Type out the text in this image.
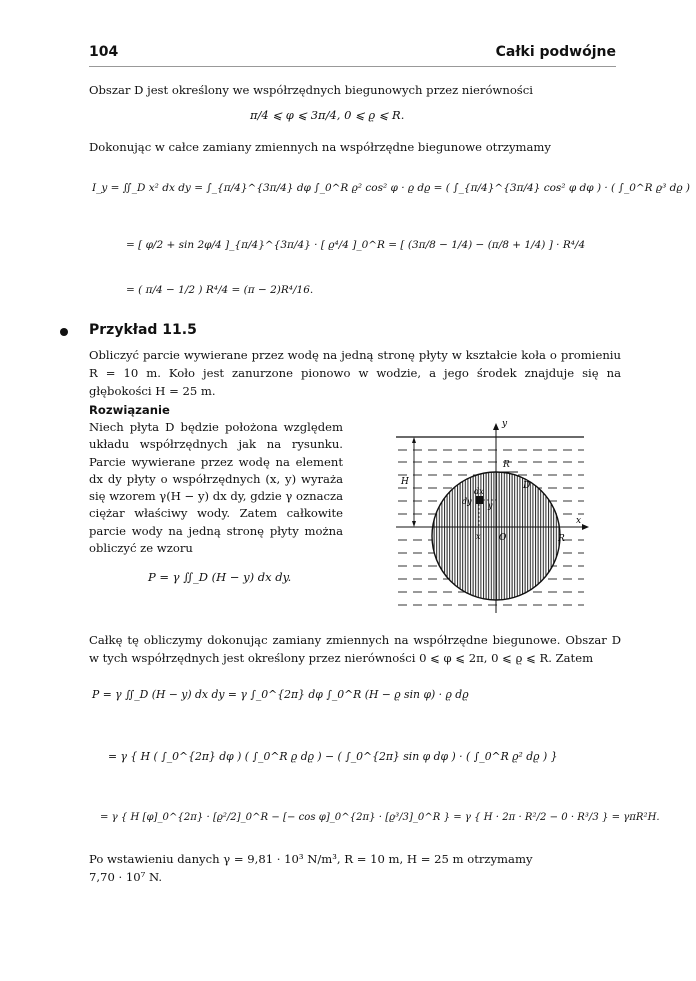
104	Całki podwójne
Obszar D jest określony we współrzędnych biegunowych przez nierówności
π/4 ⩽ φ ⩽ 3π/4, 0 ⩽ ϱ ⩽ R.
Dokonując w całce zamiany zmiennych na współrzędne biegunowe otrzymamy
I_y = ∬_D x² dx dy = ∫_{π/4}^{3π/4} dφ ∫_0^R ϱ² cos² φ · ϱ dϱ = ( ∫_{π/4}^{3π/4} cos² φ dφ ) · ( ∫_0^R ϱ³ dϱ )
= [ φ/2 + sin 2φ/4 ]_{π/4}^{3π/4} · [ ϱ⁴/4 ]_0^R = [ (3π/8 − 1/4) − (π/8 + 1/4) ] · R⁴/4
= ( π/4 − 1/2 ) R⁴/4 = (π − 2)R⁴/16.
Przykład 11.5
Obliczyć parcie wywierane przez wodę na jedną stronę płyty w kształcie koła o promieniu R = 10 m. Koło jest zanurzone pionowo w wodzie, a jego środek znajduje się na głębokości H = 25 m.
Rozwiązanie
Niech płyta D będzie położona względem układu współrzędnych jak na rysunku. Parcie wywierane przez wodę na element dx dy płyty o współrzędnych (x, y) wyraża się wzorem γ(H − y) dx dy, gdzie γ oznacza ciężar właściwy wody. Zatem całkowite parcie wody na jedną stronę płyty można obliczyć ze wzoru
P = γ ∬_D (H − y) dx dy.
y
x
R
D
H
dx
dy
x
y
O	R
Całkę tę obliczymy dokonując zamiany zmiennych na współrzędne biegunowe. Obszar D w tych współrzędnych jest określony przez nierówności 0 ⩽ φ ⩽ 2π, 0 ⩽ ϱ ⩽ R. Zatem
P = γ ∬_D (H − y) dx dy = γ ∫_0^{2π} dφ ∫_0^R (H − ϱ sin φ) · ϱ dϱ
= γ { H ( ∫_0^{2π} dφ ) ( ∫_0^R ϱ dϱ ) − ( ∫_0^{2π} sin φ dφ ) · ( ∫_0^R ϱ² dϱ ) }
= γ { H [φ]_0^{2π} · [ϱ²/2]_0^R − [− cos φ]_0^{2π} · [ϱ³/3]_0^R } = γ { H · 2π · R²/2 − 0 · R³/3 } = γπR²H.
Po wstawieniu danych γ = 9,81 · 10³ N/m³, R = 10 m, H = 25 m otrzymamy
7,70 · 10⁷ N.
